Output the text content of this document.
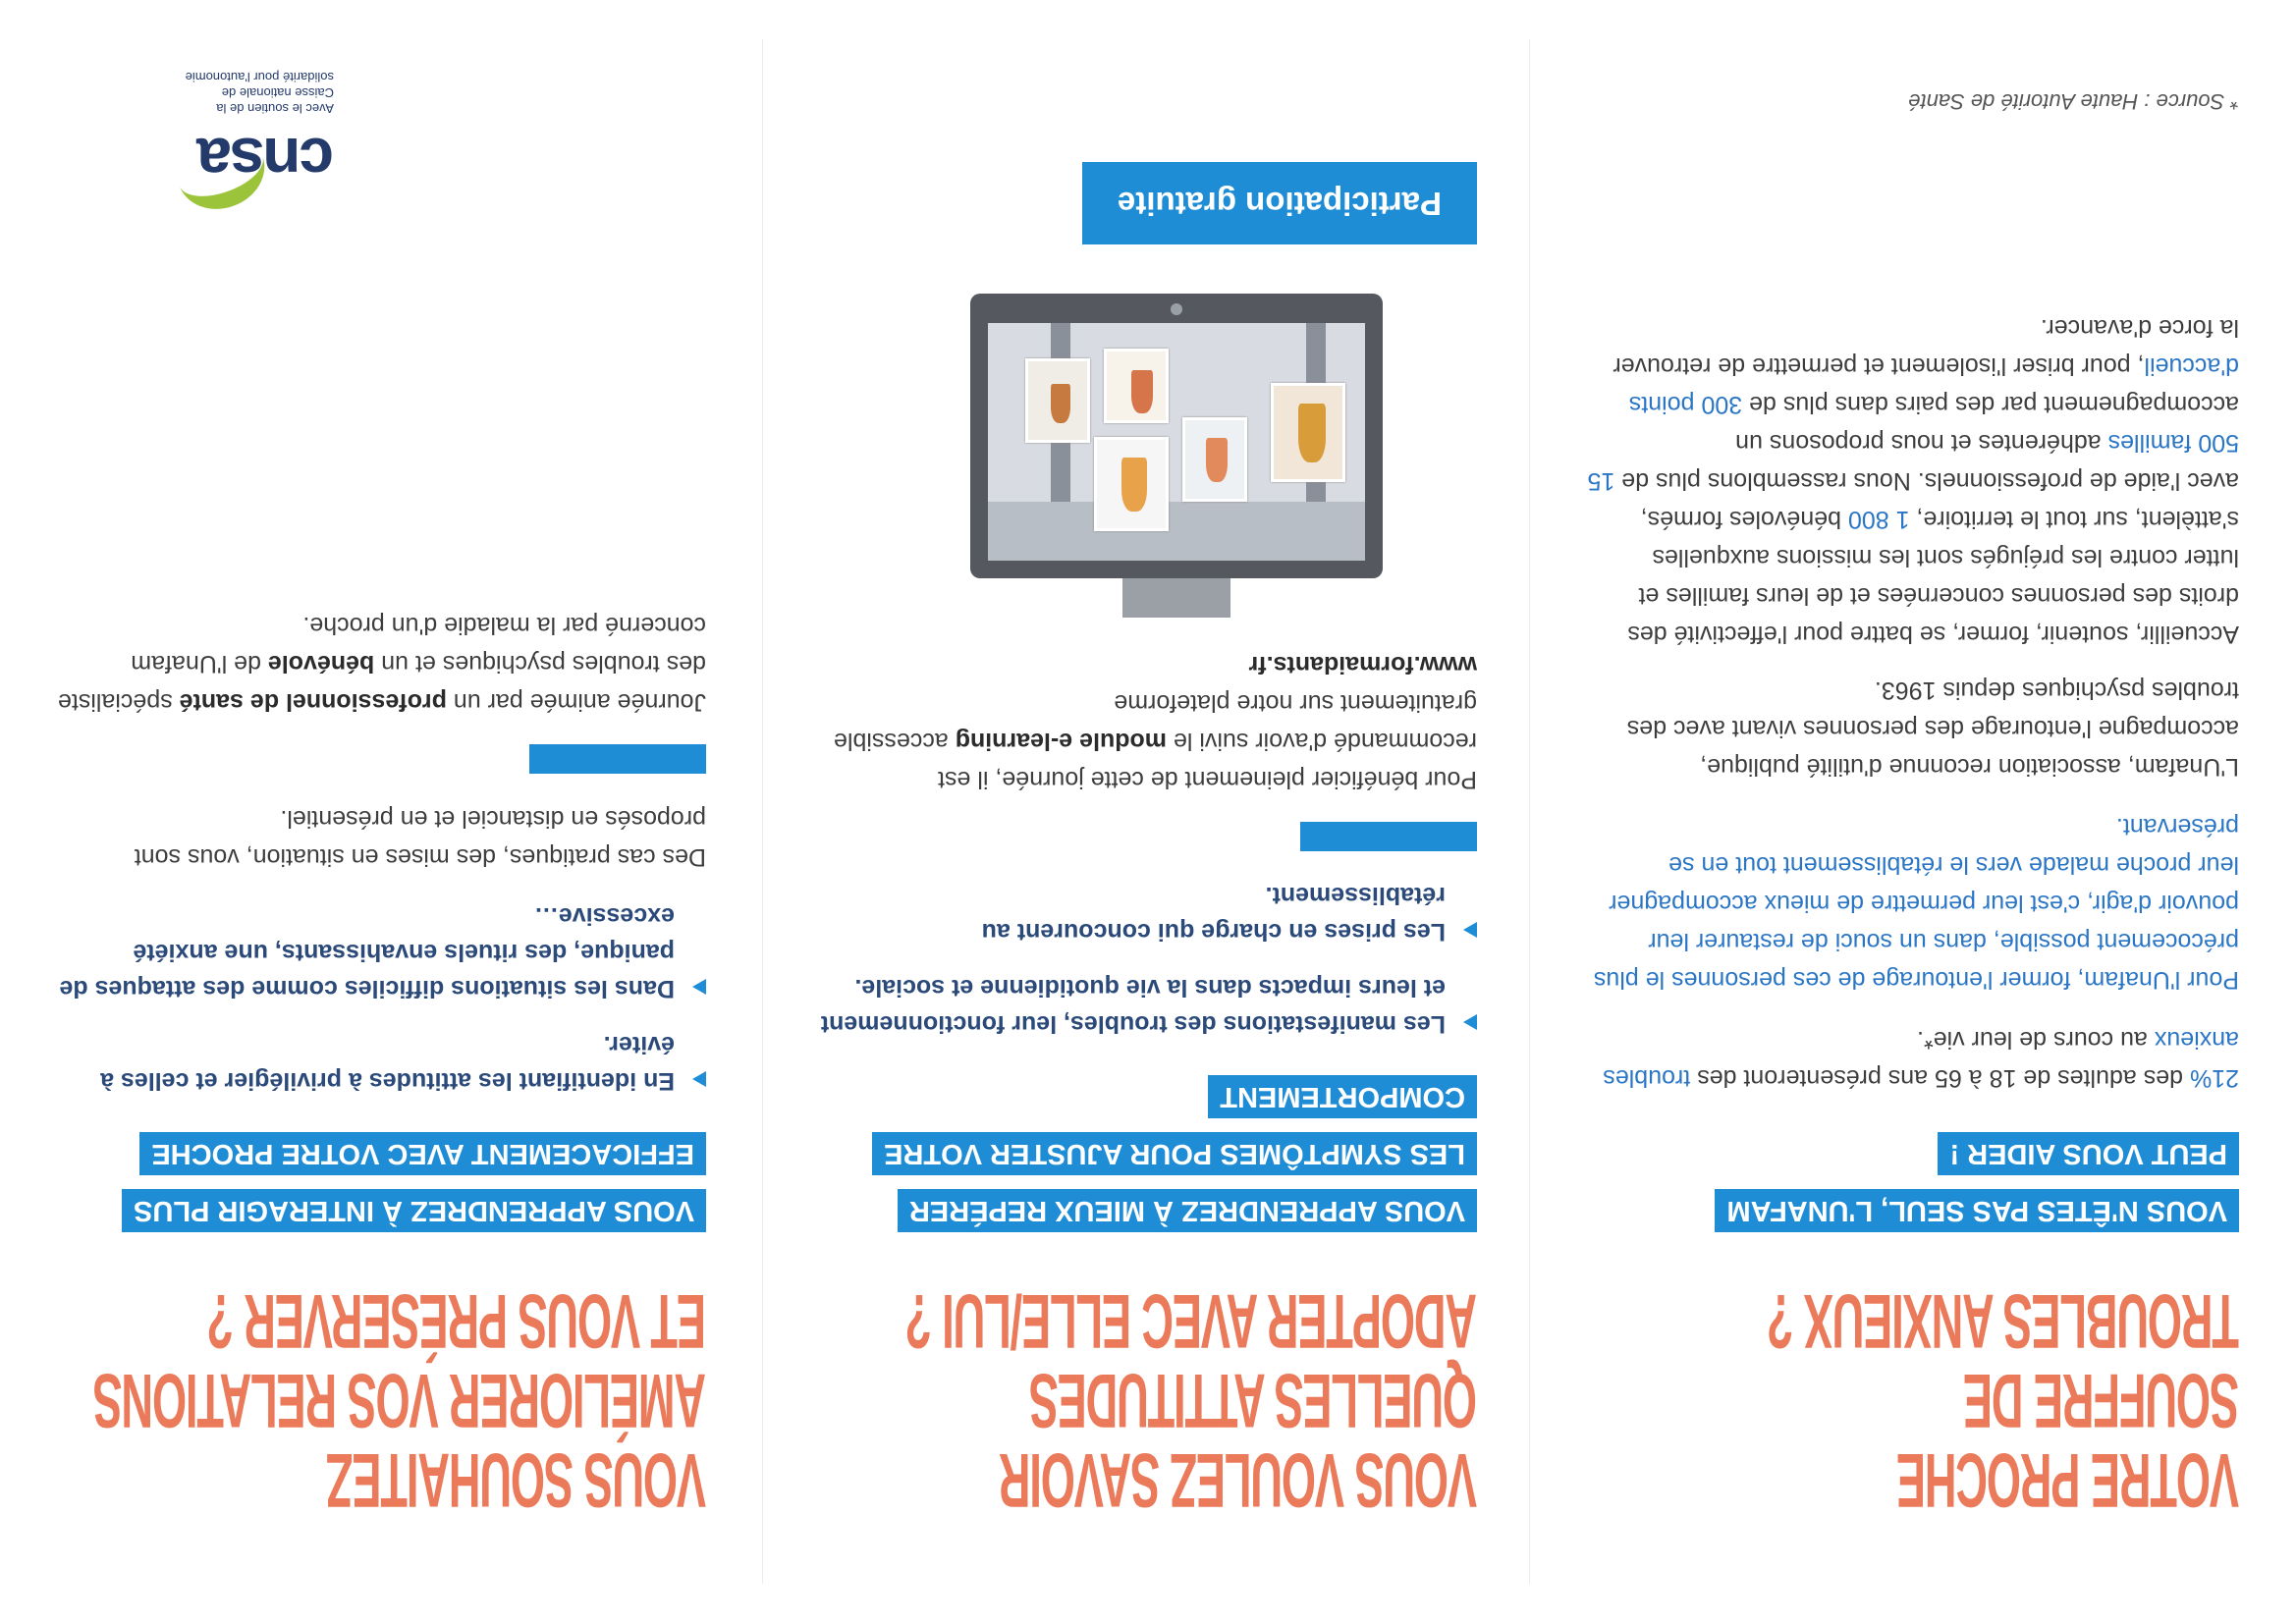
VOTRE PROCHE
SOUFFRE DE
TROUBLES ANXIEUX ?
VOUS N'ÊTES PAS SEUL, L'UNAFAM
PEUT VOUS AIDER !

21% des adultes de 18 à 65 ans présenteront des troubles anxieux au cours de leur vie*.

Pour l'Unafam, former l'entourage de ces personnes le plus précocement possible, dans un souci de restaurer leur pouvoir d'agir, c'est leur permettre de mieux accompagner leur proche malade vers le rétablissement tout en se préservant.

L'Unafam, association reconnue d'utilité publique, accompagne l'entourage des personnes vivant avec des troubles psychiques depuis 1963.

Accueillir, soutenir, former, se battre pour l'effectivité des droits des personnes concernées et de leurs familles et lutter contre les préjugés sont les missions auxquelles s'attèlent, sur tout le territoire, 1 800 bénévoles formés, avec l'aide de professionnels. Nous rassemblons plus de 15 500 familles adhérentes et nous proposons un accompagnement par des pairs dans plus de 300 points d'accueil, pour briser l'isolement et permettre de retrouver la force d'avancer.

* Source : Haute Autorité de Santé
VOUS VOULEZ SAVOIR
QUELLES ATTITUDES
ADOPTER AVEC ELLE/LUI ?
VOUS APPRENDREZ À MIEUX REPÉRER
LES SYMPTÔMES POUR AJUSTER VOTRE
COMPORTEMENT
Les manifestations des troubles, leur fonctionnement et leurs impacts dans la vie quotidienne et sociale.
Les prises en charge qui concourent au rétablissement.

Pour bénéficier pleinement de cette journée, il est recommandé d'avoir suivi le module e-learning accessible gratuitement sur notre plateforme
www.formaidants.fr

Participation gratuite
VOUS SOUHAITEZ
AMÉLIORER VOS RELATIONS
ET VOUS PRÉSERVER ?
VOUS APPRENDREZ À INTERAGIR PLUS
EFFICACEMENT AVEC VOTRE PROCHE
En identifiant les attitudes à privilégier et celles à éviter.
Dans les situations difficiles comme des attaques de panique, des rituels envahissants, une anxiété excessive…

Des cas pratiques, des mises en situation, vous sont proposés en distanciel et en présentiel.

Journée animée par un professionnel de santé spécialiste des troubles psychiques et un bénévole de l'Unafam concerné par la maladie d'un proche.

cnsa
Avec le soutien de la
Caisse nationale de
solidarité pour l'autonomie
